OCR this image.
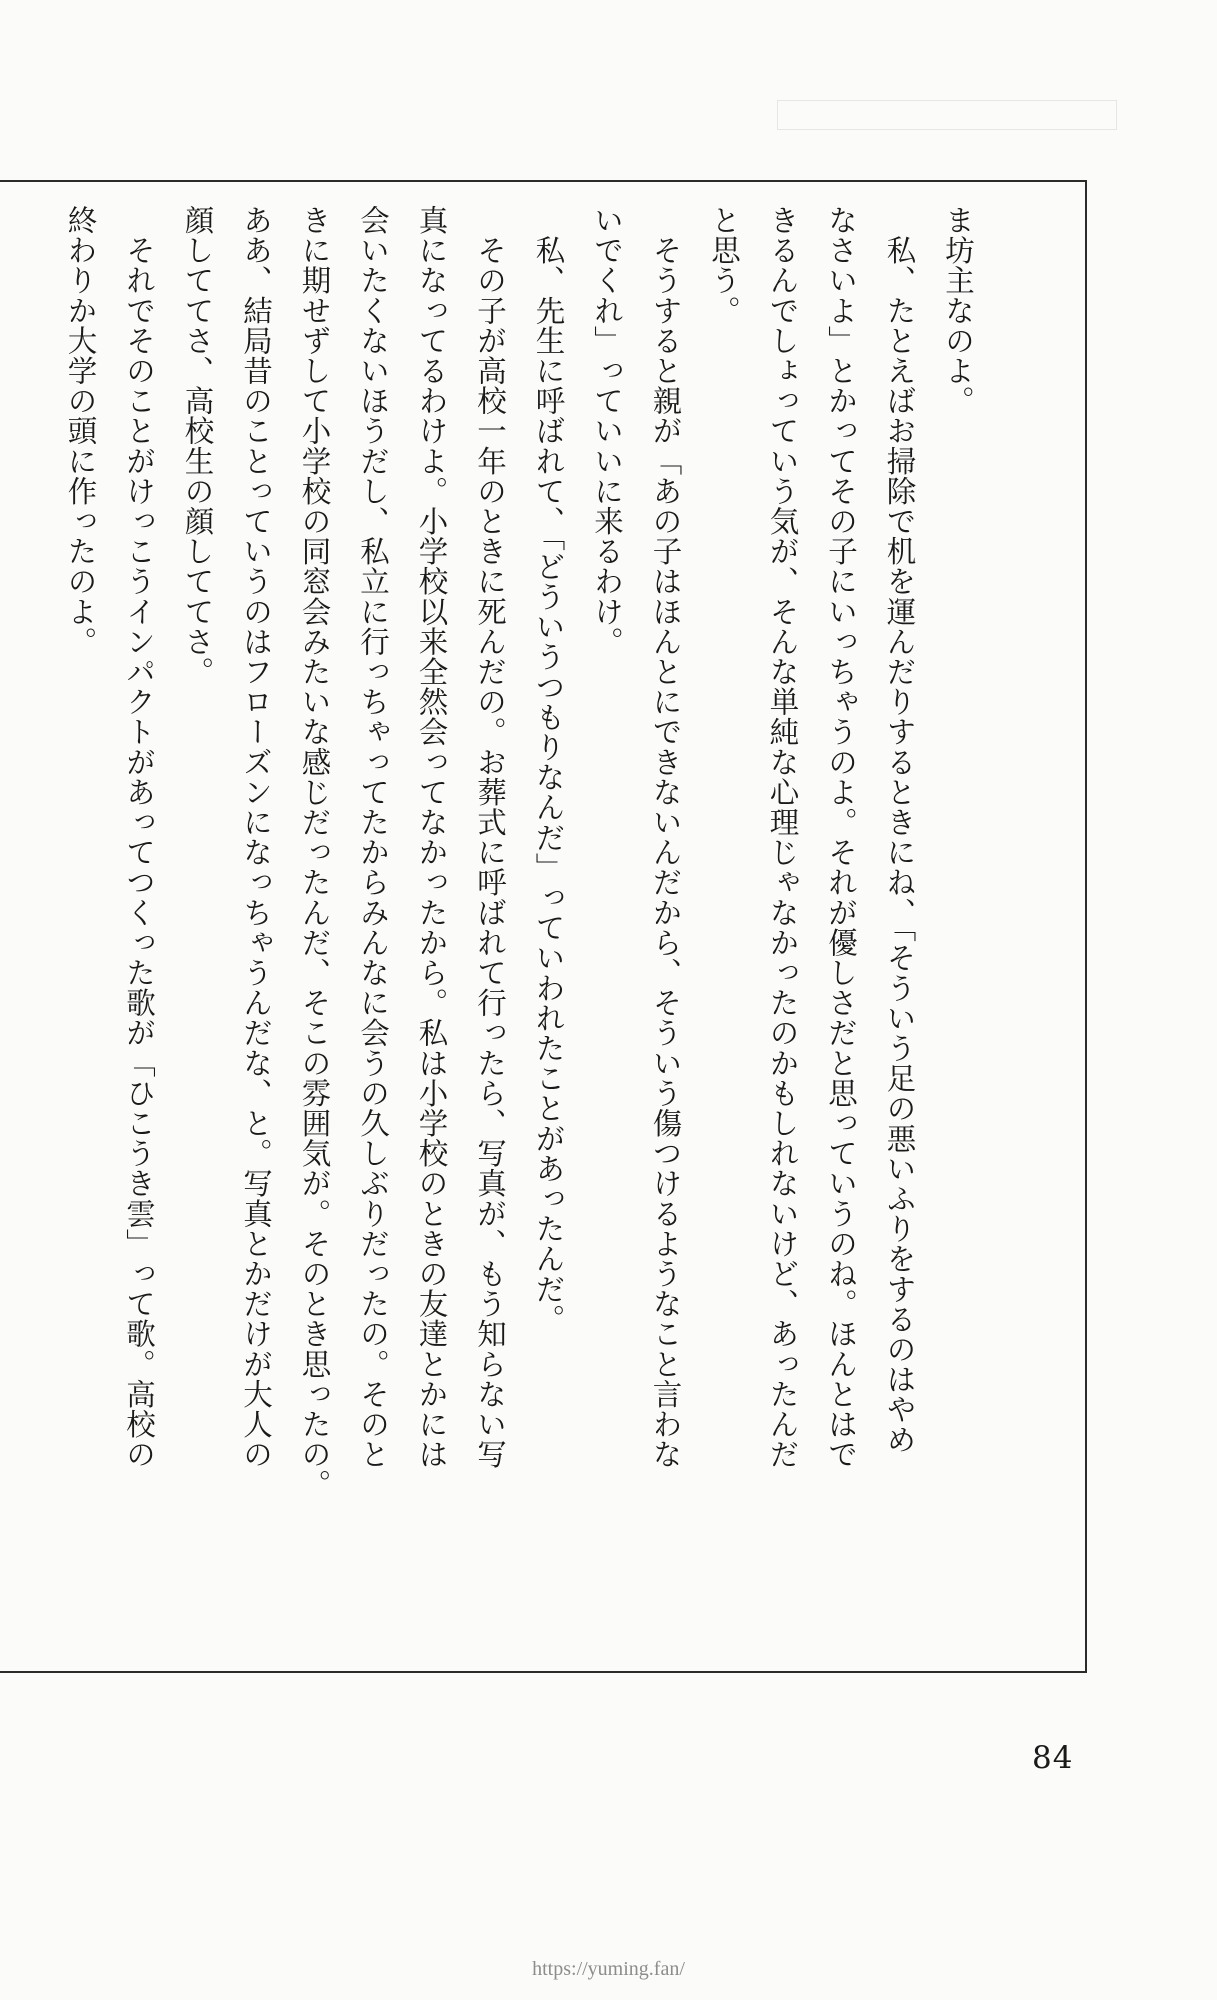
ま坊主なのよ。

　私、たとえばお掃除で机を運んだりするときにね、「そういう足の悪いふりをするのはやめ

なさいよ」とかってその子にいっちゃうのよ。それが優しさだと思っていうのね。ほんとはで

きるんでしょっていう気が、そんな単純な心理じゃなかったのかもしれないけど、あったんだ

と思う。

　そうすると親が「あの子はほんとにできないんだから、そういう傷つけるようなこと言わな

いでくれ」っていいに来るわけ。

　私、先生に呼ばれて、「どういうつもりなんだ」っていわれたことがあったんだ。

　その子が高校一年のときに死んだの。お葬式に呼ばれて行ったら、写真が、もう知らない写

真になってるわけよ。小学校以来全然会ってなかったから。私は小学校のときの友達とかには

会いたくないほうだし、私立に行っちゃってたからみんなに会うの久しぶりだったの。そのと

きに期せずして小学校の同窓会みたいな感じだったんだ、そこの雰囲気が。そのとき思ったの。

ああ、結局昔のことっていうのはフローズンになっちゃうんだな、と。写真とかだけが大人の

顔しててさ、高校生の顔しててさ。

　それでそのことがけっこうインパクトがあってつくった歌が「ひこうき雲」って歌。高校の

終わりか大学の頭に作ったのよ。

84
https://yuming.fan/
